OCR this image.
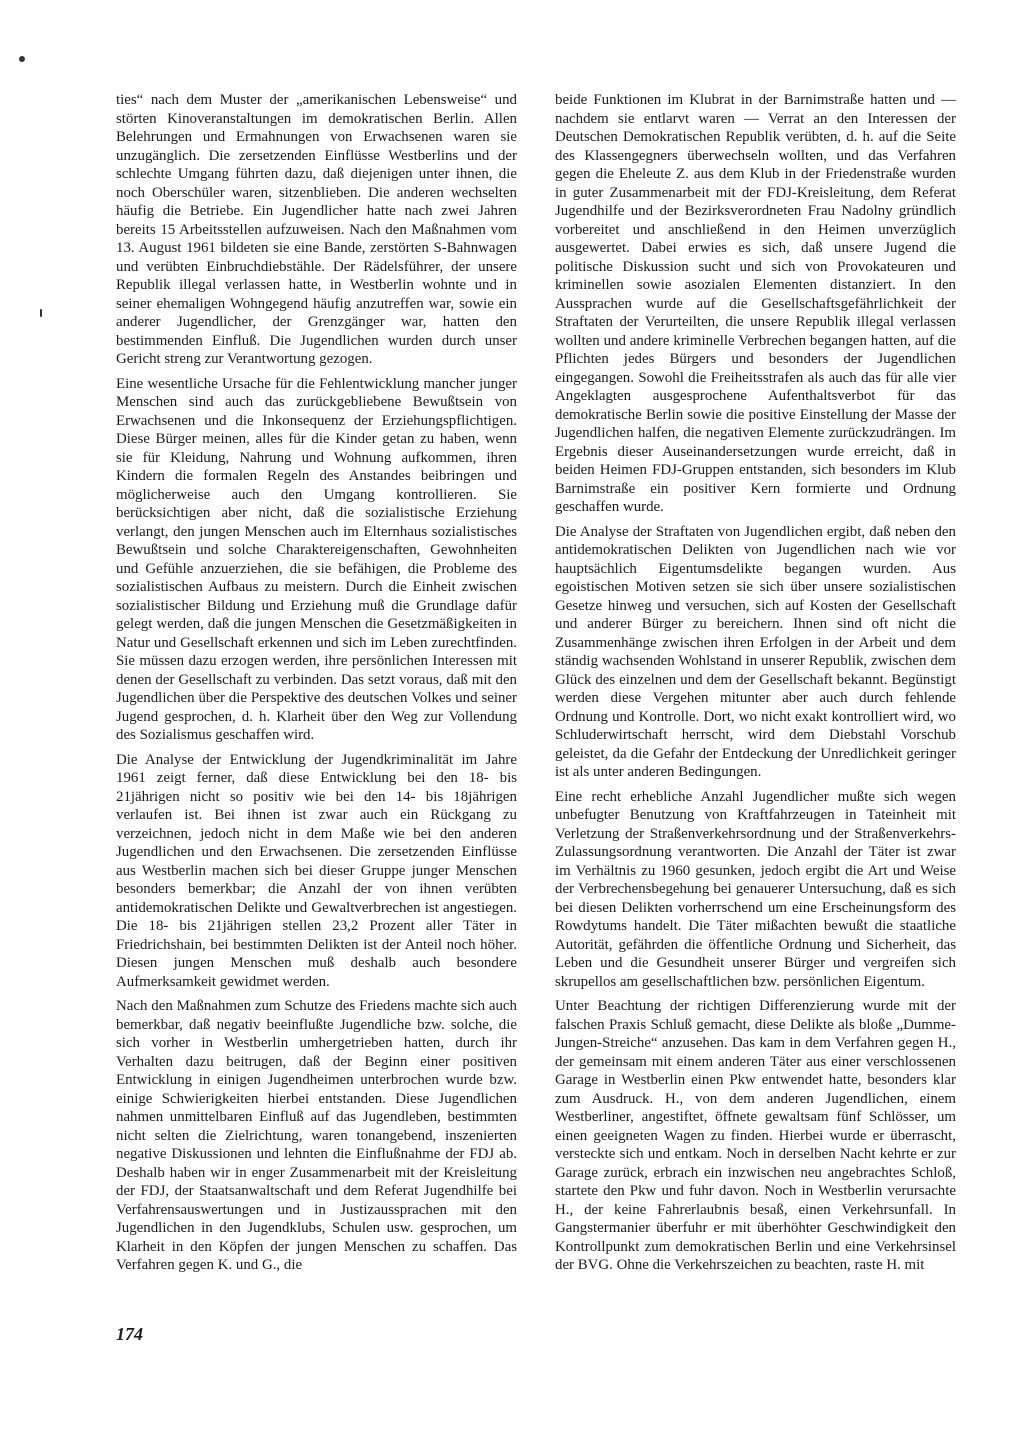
ties“ nach dem Muster der „amerikanischen Lebensweise“ und störten Kinoveranstaltungen im demokratischen Berlin. Allen Belehrungen und Ermahnungen von Erwachsenen waren sie unzugänglich. Die zersetzenden Einflüsse Westberlins und der schlechte Umgang führten dazu, daß diejenigen unter ihnen, die noch Oberschüler waren, sitzenblieben. Die anderen wechselten häufig die Betriebe. Ein Jugendlicher hatte nach zwei Jahren bereits 15 Arbeitsstellen aufzuweisen. Nach den Maßnahmen vom 13. August 1961 bildeten sie eine Bande, zerstörten S-Bahnwagen und verübten Einbruchdiebstähle. Der Rädelsführer, der unsere Republik illegal verlassen hatte, in Westberlin wohnte und in seiner ehemaligen Wohngegend häufig anzutreffen war, sowie ein anderer Jugendlicher, der Grenzgänger war, hatten den bestimmenden Einfluß. Die Jugendlichen wurden durch unser Gericht streng zur Verantwortung gezogen.

Eine wesentliche Ursache für die Fehlentwicklung mancher junger Menschen sind auch das zurückgebliebene Bewußtsein von Erwachsenen und die Inkonsequenz der Erziehungspflichtigen. Diese Bürger meinen, alles für die Kinder getan zu haben, wenn sie für Kleidung, Nahrung und Wohnung aufkommen, ihren Kindern die formalen Regeln des Anstandes beibringen und möglicherweise auch den Umgang kontrollieren. Sie berücksichtigen aber nicht, daß die sozialistische Erziehung verlangt, den jungen Menschen auch im Elternhaus sozialistisches Bewußtsein und solche Charaktereigenschaften, Gewohnheiten und Gefühle anzuerziehen, die sie befähigen, die Probleme des sozialistischen Aufbaus zu meistern. Durch die Einheit zwischen sozialistischer Bildung und Erziehung muß die Grundlage dafür gelegt werden, daß die jungen Menschen die Gesetzmäßigkeiten in Natur und Gesellschaft erkennen und sich im Leben zurechtfinden. Sie müssen dazu erzogen werden, ihre persönlichen Interessen mit denen der Gesellschaft zu verbinden. Das setzt voraus, daß mit den Jugendlichen über die Perspektive des deutschen Volkes und seiner Jugend gesprochen, d. h. Klarheit über den Weg zur Vollendung des Sozialismus geschaffen wird.

Die Analyse der Entwicklung der Jugendkriminalität im Jahre 1961 zeigt ferner, daß diese Entwicklung bei den 18- bis 21jährigen nicht so positiv wie bei den 14- bis 18jährigen verlaufen ist. Bei ihnen ist zwar auch ein Rückgang zu verzeichnen, jedoch nicht in dem Maße wie bei den anderen Jugendlichen und den Erwachsenen. Die zersetzenden Einflüsse aus Westberlin machen sich bei dieser Gruppe junger Menschen besonders bemerkbar; die Anzahl der von ihnen verübten antidemokratischen Delikte und Gewaltverbrechen ist angestiegen. Die 18- bis 21jährigen stellen 23,2 Prozent aller Täter in Friedrichshain, bei bestimmten Delikten ist der Anteil noch höher. Diesen jungen Menschen muß deshalb auch besondere Aufmerksamkeit gewidmet werden.

Nach den Maßnahmen zum Schutze des Friedens machte sich auch bemerkbar, daß negativ beeinflußte Jugendliche bzw. solche, die sich vorher in Westberlin umhergetrieben hatten, durch ihr Verhalten dazu beitrugen, daß der Beginn einer positiven Entwicklung in einigen Jugendheimen unterbrochen wurde bzw. einige Schwierigkeiten hierbei entstanden. Diese Jugendlichen nahmen unmittelbaren Einfluß auf das Jugendleben, bestimmten nicht selten die Zielrichtung, waren tonangebend, inszenierten negative Diskussionen und lehnten die Einflußnahme der FDJ ab. Deshalb haben wir in enger Zusammenarbeit mit der Kreisleitung der FDJ, der Staatsanwaltschaft und dem Referat Jugendhilfe bei Verfahrensauswertungen und in Justizaussprachen mit den Jugendlichen in den Jugendklubs, Schulen usw. gesprochen, um Klarheit in den Köpfen der jungen Menschen zu schaffen. Das Verfahren gegen K. und G., die

beide Funktionen im Klubrat in der Barnimstraße hatten und — nachdem sie entlarvt waren — Verrat an den Interessen der Deutschen Demokratischen Republik verübten, d. h. auf die Seite des Klassengegners überwechseln wollten, und das Verfahren gegen die Eheleute Z. aus dem Klub in der Friedenstraße wurden in guter Zusammenarbeit mit der FDJ-Kreisleitung, dem Referat Jugendhilfe und der Bezirksverordneten Frau Nadolny gründlich vorbereitet und anschließend in den Heimen unverzüglich ausgewertet. Dabei erwies es sich, daß unsere Jugend die politische Diskussion sucht und sich von Provokateuren und kriminellen sowie asozialen Elementen distanziert. In den Aussprachen wurde auf die Gesellschaftsgefährlichkeit der Straftaten der Verurteilten, die unsere Republik illegal verlassen wollten und andere kriminelle Verbrechen begangen hatten, auf die Pflichten jedes Bürgers und besonders der Jugendlichen eingegangen. Sowohl die Freiheitsstrafen als auch das für alle vier Angeklagten ausgesprochene Aufenthaltsverbot für das demokratische Berlin sowie die positive Einstellung der Masse der Jugendlichen halfen, die negativen Elemente zurückzudrängen. Im Ergebnis dieser Auseinandersetzungen wurde erreicht, daß in beiden Heimen FDJ-Gruppen entstanden, sich besonders im Klub Barnimstraße ein positiver Kern formierte und Ordnung geschaffen wurde.

Die Analyse der Straftaten von Jugendlichen ergibt, daß neben den antidemokratischen Delikten von Jugendlichen nach wie vor hauptsächlich Eigentumsdelikte begangen wurden. Aus egoistischen Motiven setzen sie sich über unsere sozialistischen Gesetze hinweg und versuchen, sich auf Kosten der Gesellschaft und anderer Bürger zu bereichern. Ihnen sind oft nicht die Zusammenhänge zwischen ihren Erfolgen in der Arbeit und dem ständig wachsenden Wohlstand in unserer Republik, zwischen dem Glück des einzelnen und dem der Gesellschaft bekannt. Begünstigt werden diese Vergehen mitunter aber auch durch fehlende Ordnung und Kontrolle. Dort, wo nicht exakt kontrolliert wird, wo Schluderwirtschaft herrscht, wird dem Diebstahl Vorschub geleistet, da die Gefahr der Entdeckung der Unredlichkeit geringer ist als unter anderen Bedingungen.

Eine recht erhebliche Anzahl Jugendlicher mußte sich wegen unbefugter Benutzung von Kraftfahrzeugen in Tateinheit mit Verletzung der Straßenverkehrsordnung und der Straßenverkehrs-Zulassungsordnung verantworten. Die Anzahl der Täter ist zwar im Verhältnis zu 1960 gesunken, jedoch ergibt die Art und Weise der Verbrechensbegehung bei genauerer Untersuchung, daß es sich bei diesen Delikten vorherrschend um eine Erscheinungsform des Rowdytums handelt. Die Täter mißachten bewußt die staatliche Autorität, gefährden die öffentliche Ordnung und Sicherheit, das Leben und die Gesundheit unserer Bürger und vergreifen sich skrupellos am gesellschaftlichen bzw. persönlichen Eigentum.

Unter Beachtung der richtigen Differenzierung wurde mit der falschen Praxis Schluß gemacht, diese Delikte als bloße „Dumme-Jungen-Streiche“ anzusehen. Das kam in dem Verfahren gegen H., der gemeinsam mit einem anderen Täter aus einer verschlossenen Garage in Westberlin einen Pkw entwendet hatte, besonders klar zum Ausdruck. H., von dem anderen Jugendlichen, einem Westberliner, angestiftet, öffnete gewaltsam fünf Schlösser, um einen geeigneten Wagen zu finden. Hierbei wurde er überrascht, versteckte sich und entkam. Noch in derselben Nacht kehrte er zur Garage zurück, erbrach ein inzwischen neu angebrachtes Schloß, startete den Pkw und fuhr davon. Noch in Westberlin verursachte H., der keine Fahrerlaubnis besaß, einen Verkehrsunfall. In Gangstermanier überfuhr er mit überhöhter Geschwindigkeit den Kontrollpunkt zum demokratischen Berlin und eine Verkehrsinsel der BVG. Ohne die Verkehrszeichen zu beachten, raste H. mit

174
